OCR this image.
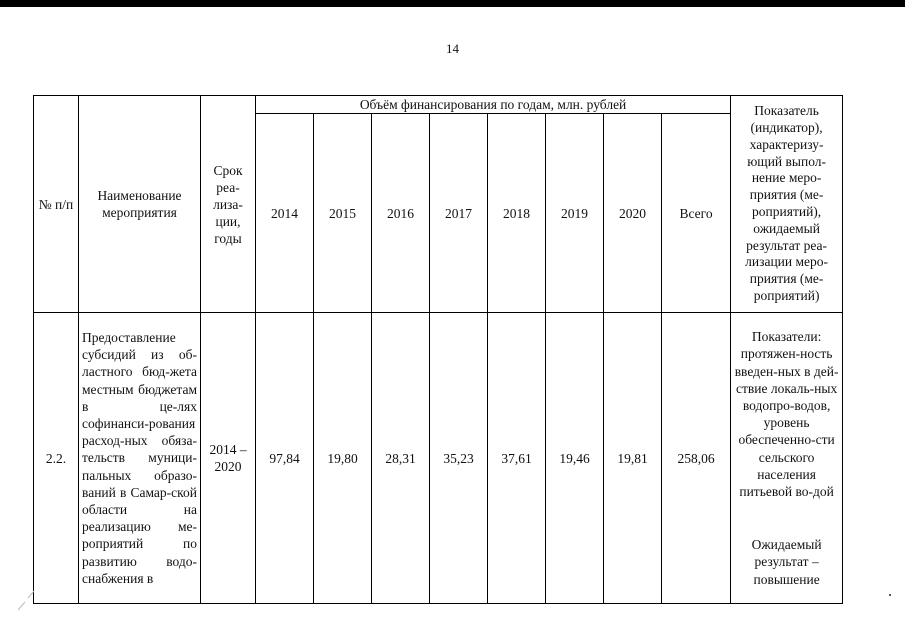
14
№ п/п	Наименование мероприятия	Срок реа-лиза-ции, годы	Объём финансирования по годам, млн. рублей								Показатель (индикатор), характеризу-ющий выпол-нение меро-приятия (ме-роприятий), ожидаемый результат реа-лизации меро-приятия (ме-роприятий)
			2014	2015	2016	2017	2018	2019	2020	Всего	
2.2.	Предоставление субсидий из об-ластного бюд-жета местным бюджетам в це-лях софинанси-рования расход-ных обяза-тельств муници-пальных образо-ваний в Самар-ской области на реализацию ме-роприятий по развитию водо-снабжения в	2014 – 2020	97,84	19,80	28,31	35,23	37,61	19,46	19,81	258,06	Показатели: протяжен-ность введен-ных в дей-ствие локаль-ных водопро-водов, уровень обеспеченно-сти сельского населения питьевой во-дой
Ожидаемый результат – повышение
